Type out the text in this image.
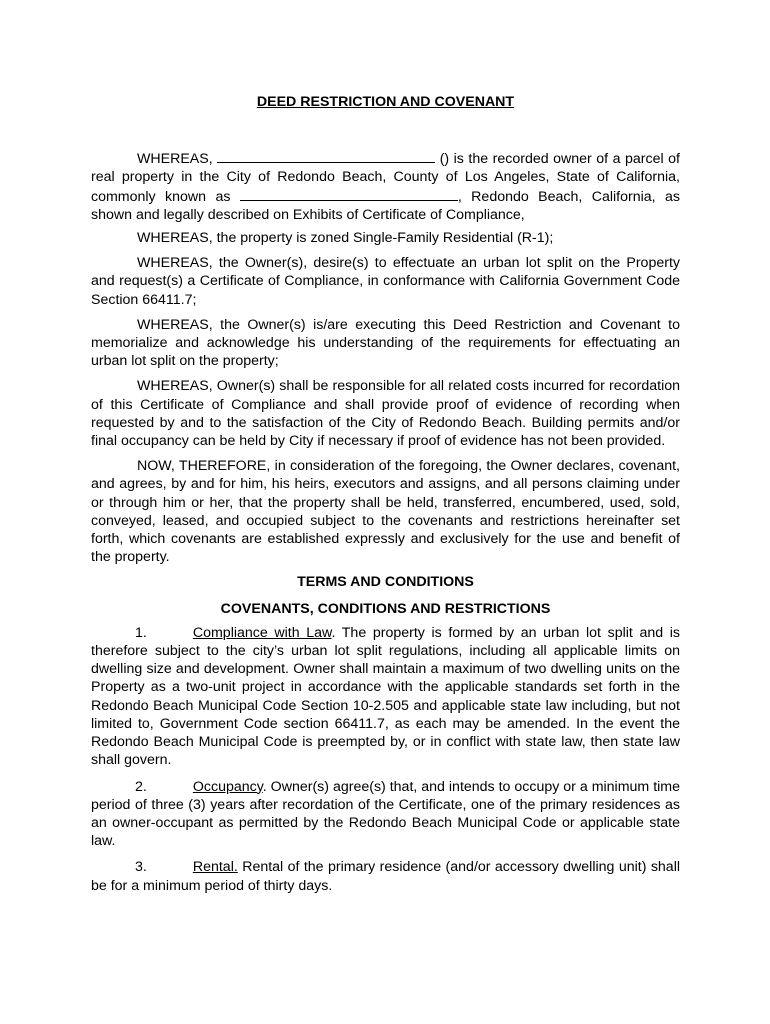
DEED RESTRICTION AND COVENANT

WHEREAS,	() is the recorded owner of a parcel of real property in the City of Redondo Beach, County of Los Angeles, State of California, commonly known as	, Redondo Beach, California, as shown and legally described on Exhibits of Certificate of Compliance,

WHEREAS, the property is zoned Single-Family Residential (R-1);

WHEREAS, the Owner(s), desire(s) to effectuate an urban lot split on the Property and request(s) a Certificate of Compliance, in conformance with California Government Code Section 66411.7;

WHEREAS, the Owner(s) is/are executing this Deed Restriction and Covenant to memorialize and acknowledge his understanding of the requirements for effectuating an urban lot split on the property;

WHEREAS, Owner(s) shall be responsible for all related costs incurred for recordation of this Certificate of Compliance and shall provide proof of evidence of recording when requested by and to the satisfaction of the City of Redondo Beach. Building permits and/or final occupancy can be held by City if necessary if proof of evidence has not been provided.

NOW, THEREFORE, in consideration of the foregoing, the Owner declares, covenant, and agrees, by and for him, his heirs, executors and assigns, and all persons claiming under or through him or her, that the property shall be held, transferred, encumbered, used, sold, conveyed, leased, and occupied subject to the covenants and restrictions hereinafter set forth, which covenants are established expressly and exclusively for the use and benefit of the property.

TERMS AND CONDITIONS
COVENANTS, CONDITIONS AND RESTRICTIONS

1.	Compliance with Law. The property is formed by an urban lot split and is therefore subject to the city’s urban lot split regulations, including all applicable limits on dwelling size and development. Owner shall maintain a maximum of two dwelling units on the Property as a two-unit project in accordance with the applicable standards set forth in the Redondo Beach Municipal Code Section 10-2.505 and applicable state law including, but not limited to, Government Code section 66411.7, as each may be amended. In the event the Redondo Beach Municipal Code is preempted by, or in conflict with state law, then state law shall govern.

2.	Occupancy. Owner(s) agree(s) that, and intends to occupy or a minimum time period of three (3) years after recordation of the Certificate, one of the primary residences as an owner-occupant as permitted by the Redondo Beach Municipal Code or applicable state law.

3.	Rental. Rental of the primary residence (and/or accessory dwelling unit) shall be for a minimum period of thirty days.
